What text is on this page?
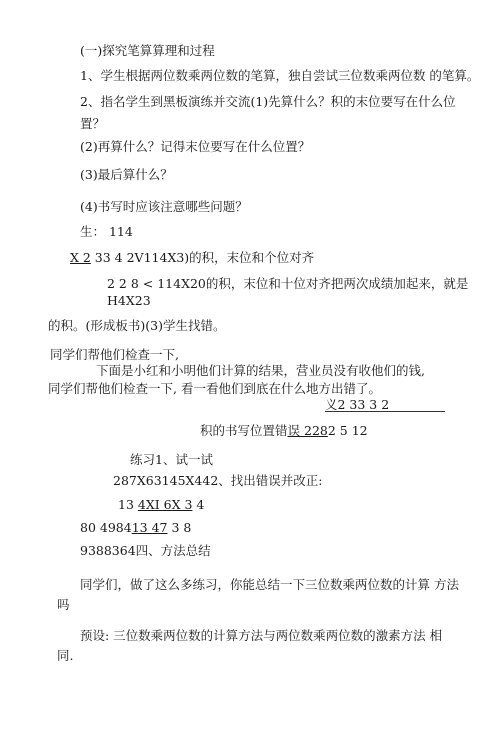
(一)探究笔算算理和过程
1、学生根据两位数乘两位数的笔算，独自尝试三位数乘两位数 的笔算。
2、指名学生到黑板演练并交流(1)先算什么？积的末位要写在什么位
置？
(2)再算什么？记得末位要写在什么位置？
(3)最后算什么？
(4)书写时应该注意哪些问题？
生： 114
X 2 33 4 2V114X3)的积，末位和个位对齐
2 2 8 < 114X20的积，末位和十位对齐把两次成绩加起来，就是
H4X23
的积。(形成板书)(3)学生找错。
同学们帮他们检查一下,
下面是小红和小明他们计算的结果，营业员没有收他们的钱,
同学们帮他们检查一下, 看一看他们到底在什么地方出错了。
义2 33 3 2
积的书写位置错误 2282 5 12
练习1、试一试
287X63145X442、找出错误并改正:
13 4XI 6X 3 4
80 498413 47 3 8
9388364四、方法总结
同学们，做了这么多练习，你能总结一下三位数乘两位数的计算 方法
吗
预设: 三位数乘两位数的计算方法与两位数乘两位数的激素方法 相
同.
